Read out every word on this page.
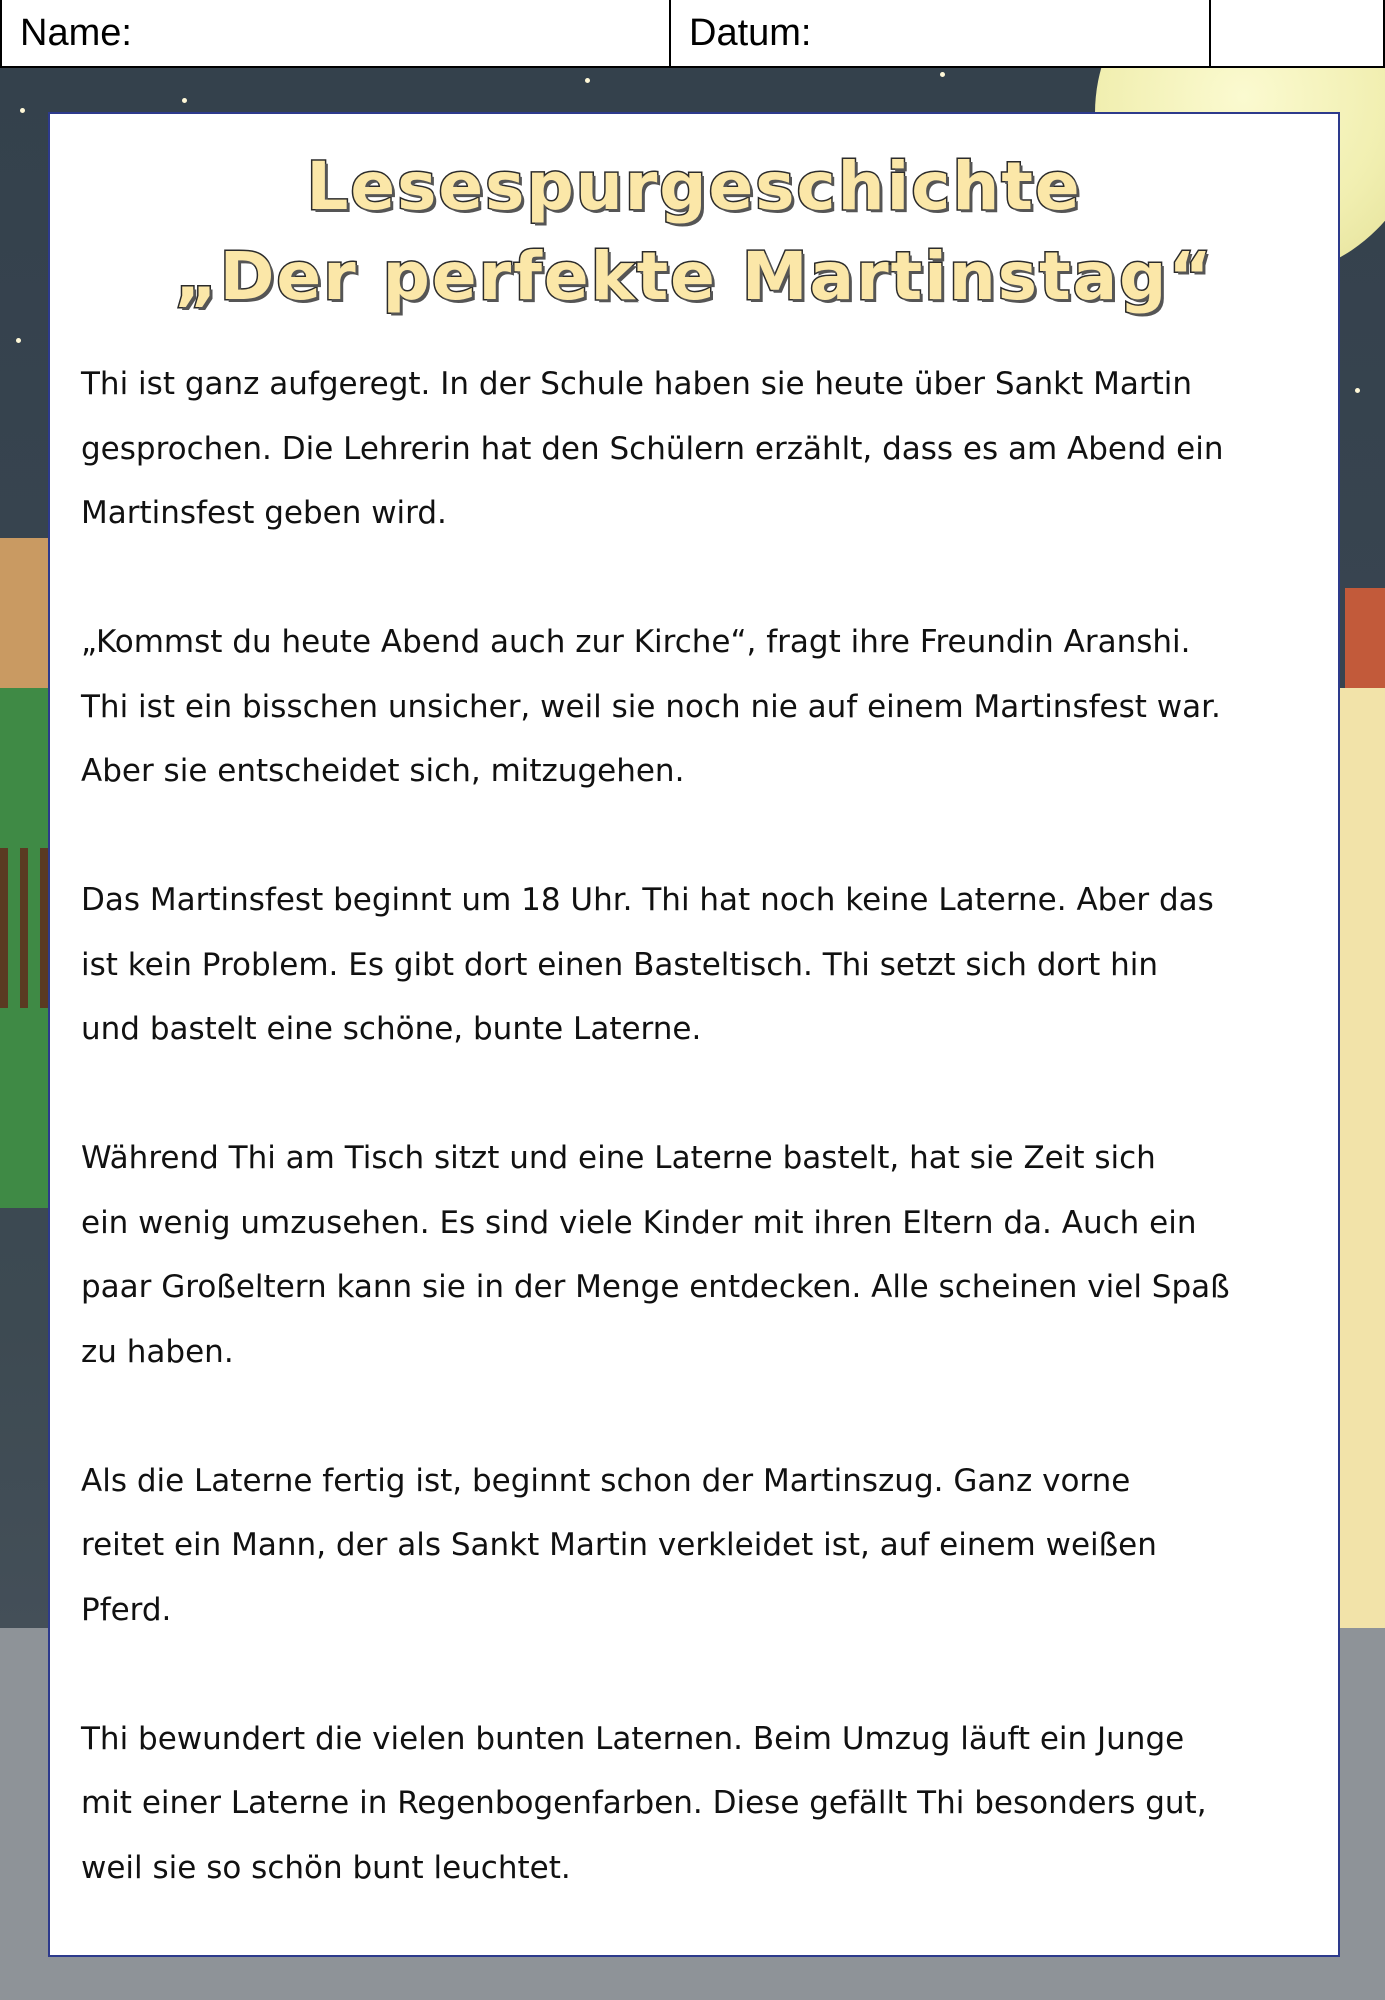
Name:	Datum:
Lesespurgeschichte
„Der perfekte Martinstag“

Thi ist ganz aufgeregt. In der Schule haben sie heute über Sankt Martin
gesprochen. Die Lehrerin hat den Schülern erzählt, dass es am Abend ein
Martinsfest geben wird.

„Kommst du heute Abend auch zur Kirche“, fragt ihre Freundin Aranshi.
Thi ist ein bisschen unsicher, weil sie noch nie auf einem Martinsfest war.
Aber sie entscheidet sich, mitzugehen.

Das Martinsfest beginnt um 18 Uhr. Thi hat noch keine Laterne. Aber das
ist kein Problem. Es gibt dort einen Basteltisch. Thi setzt sich dort hin
und bastelt eine schöne, bunte Laterne.

Während Thi am Tisch sitzt und eine Laterne bastelt, hat sie Zeit sich
ein wenig umzusehen. Es sind viele Kinder mit ihren Eltern da. Auch ein
paar Großeltern kann sie in der Menge entdecken. Alle scheinen viel Spaß
zu haben.

Als die Laterne fertig ist, beginnt schon der Martinszug. Ganz vorne
reitet ein Mann, der als Sankt Martin verkleidet ist, auf einem weißen
Pferd.

Thi bewundert die vielen bunten Laternen. Beim Umzug läuft ein Junge
mit einer Laterne in Regenbogenfarben. Diese gefällt Thi besonders gut,
weil sie so schön bunt leuchtet.
